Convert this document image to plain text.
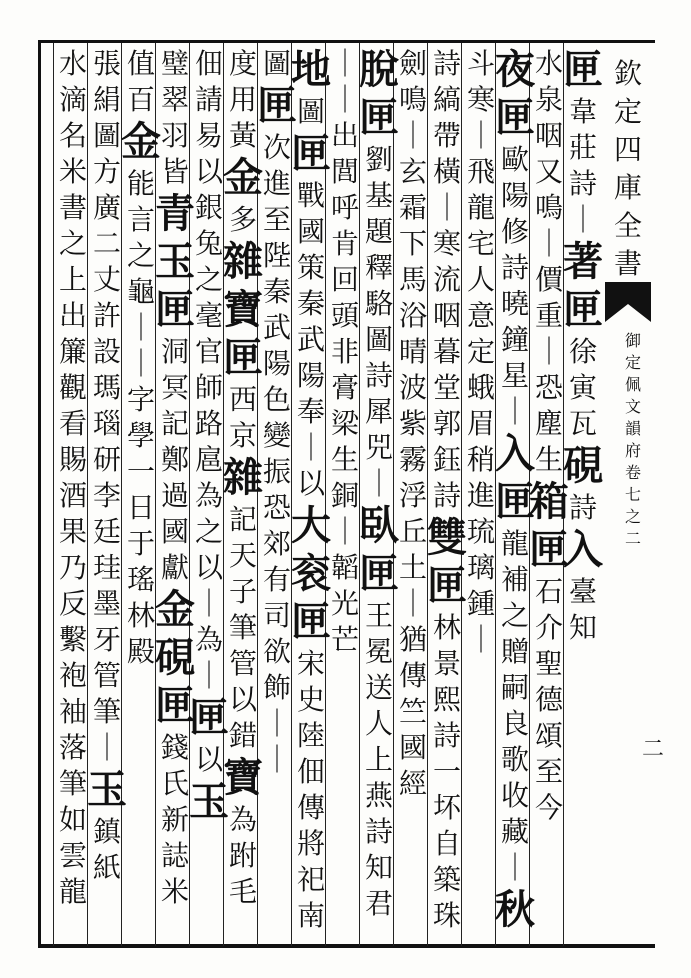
欽
定
四
庫
全
書
御
定
佩
文
韻
府
卷
七
之
二
二
匣
韋
莊
詩
｜
著
匣
徐
寅
瓦
硯
詩
入
臺
知
水
泉
咽
又
鳴
｜
價
重
｜
恐
塵
生
箱
匣
石
介
聖
德
頌
至
今
夜
匣
歐
陽
修
詩
曉
鐘
星
｜
入
匣
龍
補
之
贈
嗣
良
歌
收
藏
｜
秋
斗
寒
｜
飛
龍
宅
人
意
定
蛾
眉
稍
進
琉
璃
鍾
｜
詩
縞
帶
橫
｜
寒
流
咽
暮
堂
郭
鈺
詩
雙
匣
林
景
熙
詩
一
坏
自
築
珠
劍
鳴
｜
玄
霜
下
馬
浴
晴
波
紫
霧
浮
丘
土
｜
猶
傳
竺
國
經
脫
匣
劉
基
題
釋
駱
圖
詩
犀
兕
｜
臥
匣
王
冕
送
人
上
燕
詩
知
君
｜
｜
出
閭
呼
肯
回
頭
非
膏
梁
生
銅
｜
韜
光
芒
地
圖
匣
戰
國
策
秦
武
陽
奉
｜
以
大
衮
匣
宋
史
陸
佃
傳
將
祀
南
圖
匣
次
進
至
陛
秦
武
陽
色
變
振
恐
郊
有
司
欲
飾
｜
｜
度
用
黃
金
多
雜
寶
匣
西
京
雜
記
天
子
筆
管
以
錯
寶
為
跗
毛
佃
請
易
以
銀
兔
之
毫
官
師
路
扈
為
之
以
｜
為
｜
匣
以
玉
璧
翠
羽
皆
青
玉
匣
洞
冥
記
鄭
過
國
獻
金
硯
匣
錢
氏
新
誌
米
值
百
金
能
言
之
龜
｜
｜
字
學
一
日
于
瑤
林
殿
張
絹
圖
方
廣
二
丈
許
設
瑪
瑙
研
李
廷
珪
墨
牙
管
筆
｜
玉
鎮
紙
水
滴
名
米
書
之
上
出
簾
觀
看
賜
酒
果
乃
反
繫
袍
袖
落
筆
如
雲
龍
